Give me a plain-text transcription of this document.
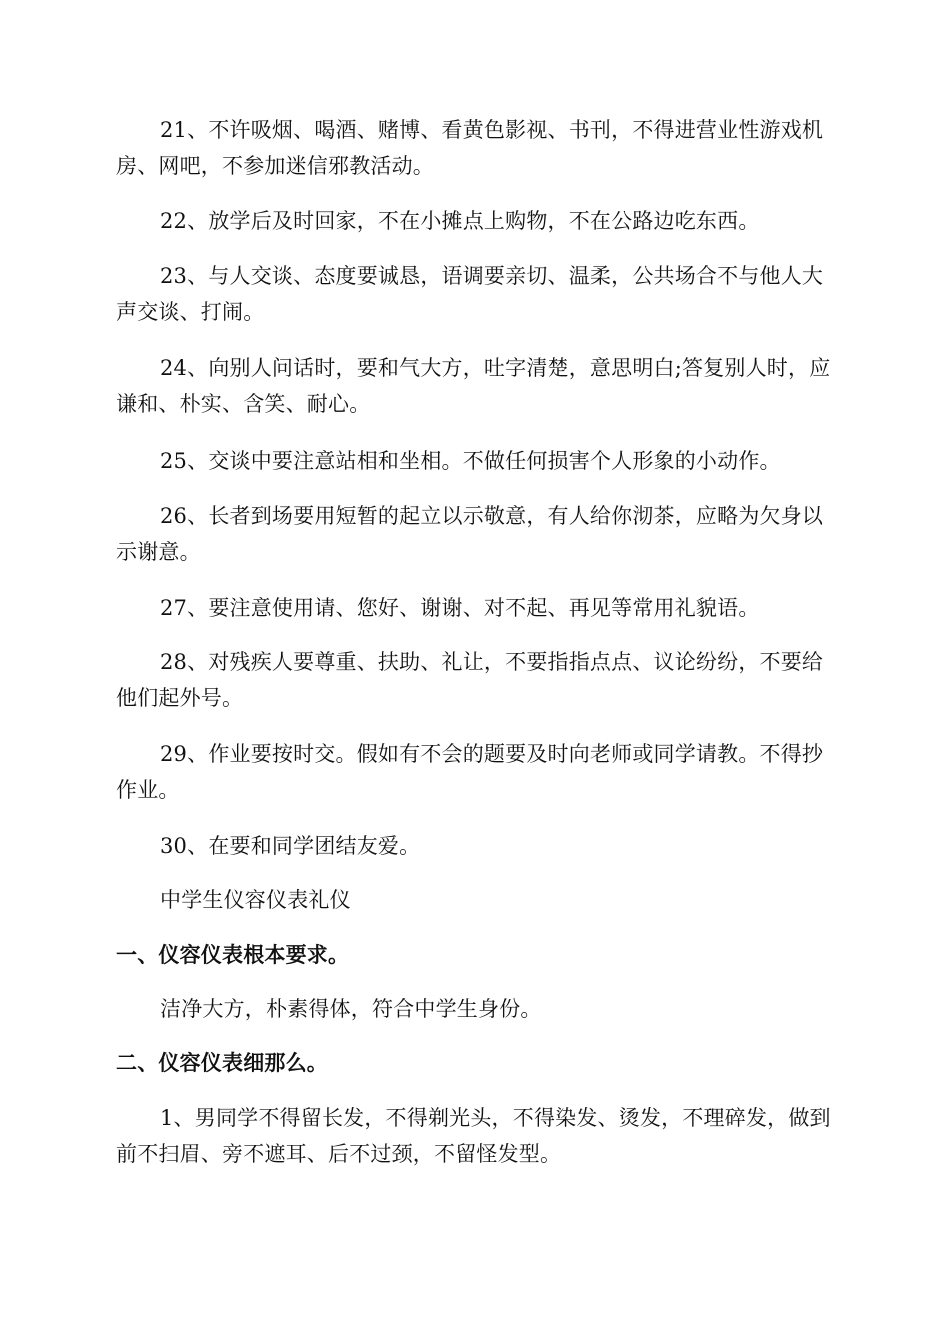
21、不许吸烟、喝酒、赌博、看黄色影视、书刊，不得进营业性游戏机房、网吧，不参加迷信邪教活动。

22、放学后及时回家，不在小摊点上购物，不在公路边吃东西。

23、与人交谈、态度要诚恳，语调要亲切、温柔，公共场合不与他人大声交谈、打闹。

24、向别人问话时，要和气大方，吐字清楚，意思明白;答复别人时，应谦和、朴实、含笑、耐心。

25、交谈中要注意站相和坐相。不做任何损害个人形象的小动作。

26、长者到场要用短暂的起立以示敬意，有人给你沏茶，应略为欠身以示谢意。

27、要注意使用请、您好、谢谢、对不起、再见等常用礼貌语。

28、对残疾人要尊重、扶助、礼让，不要指指点点、议论纷纷，不要给他们起外号。

29、作业要按时交。假如有不会的题要及时向老师或同学请教。不得抄作业。

30、在要和同学团结友爱。

中学生仪容仪表礼仪

一、仪容仪表根本要求。

洁净大方，朴素得体，符合中学生身份。

二、仪容仪表细那么。

1、男同学不得留长发，不得剃光头，不得染发、烫发，不理碎发，做到前不扫眉、旁不遮耳、后不过颈，不留怪发型。
